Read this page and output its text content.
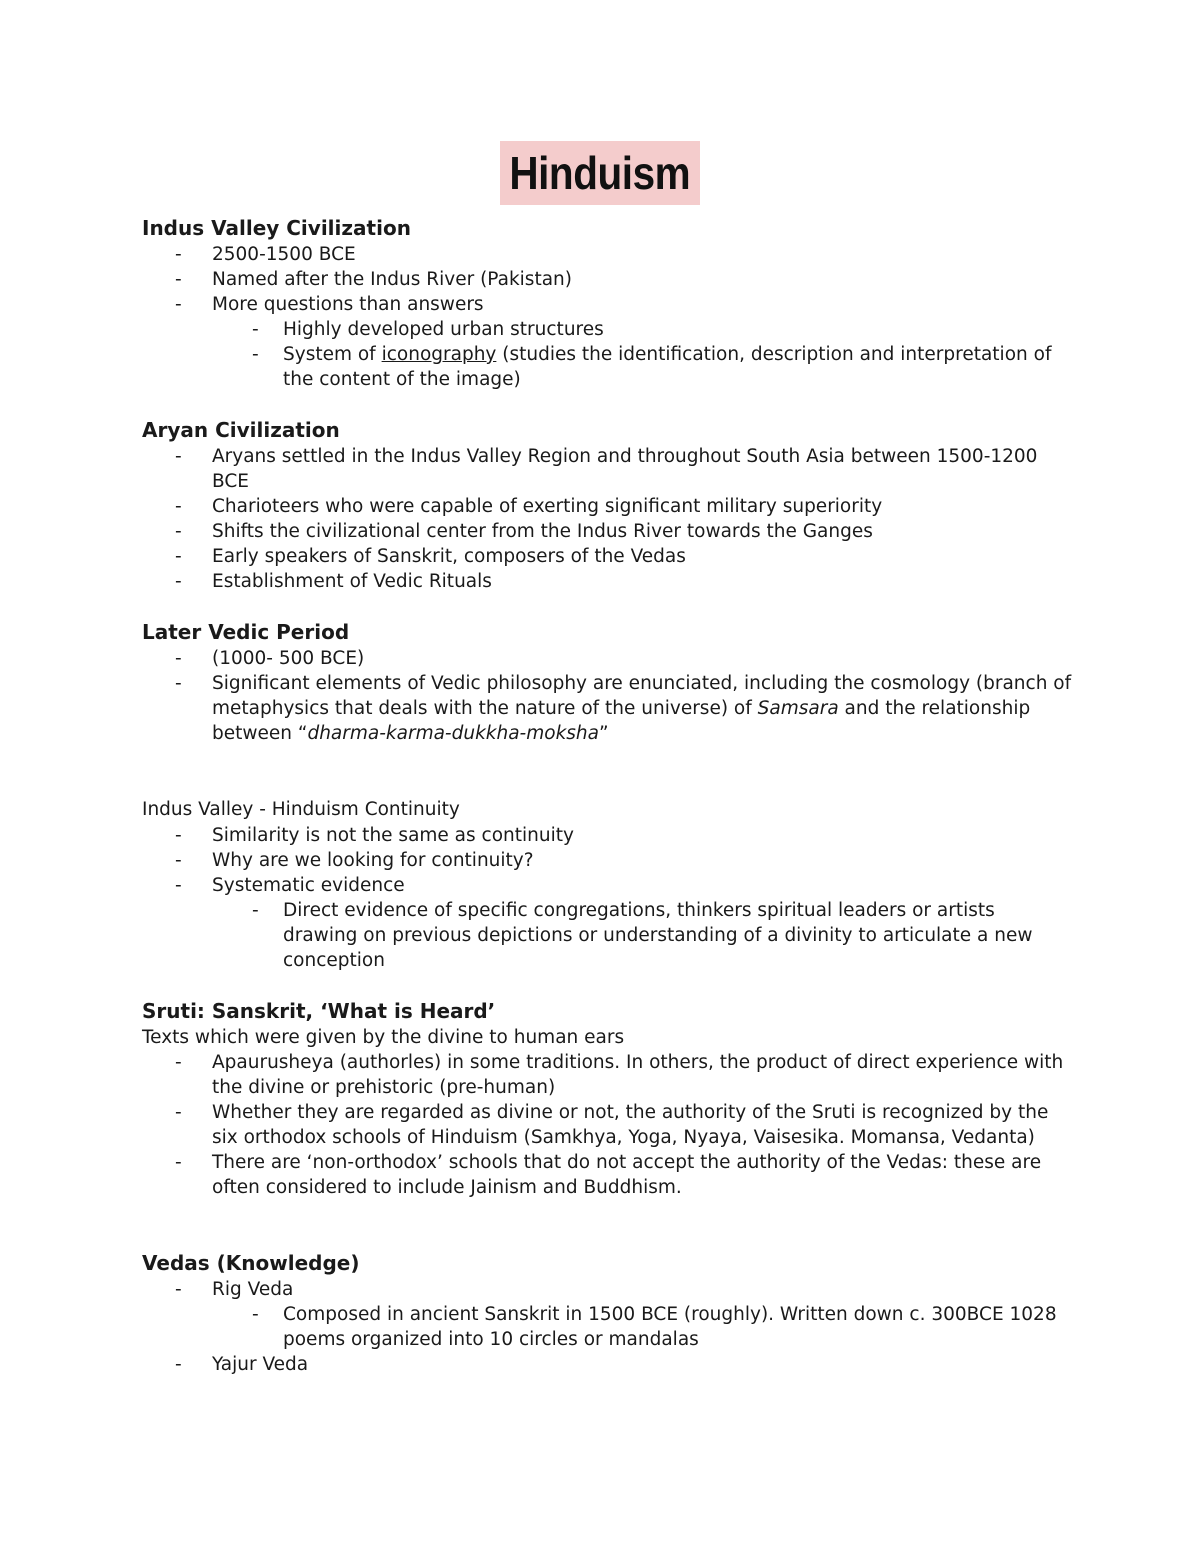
Hinduism
Indus Valley Civilization
- 2500-1500 BCE
- Named after the Indus River (Pakistan)
- More questions than answers
- Highly developed urban structures
- System of iconography (studies the identification, description and interpretation of the content of the image)
Aryan Civilization
- Aryans settled in the Indus Valley Region and throughout South Asia between 1500-1200 BCE
- Charioteers who were capable of exerting significant military superiority
- Shifts the civilizational center from the Indus River towards the Ganges
- Early speakers of Sanskrit, composers of the Vedas
- Establishment of Vedic Rituals
Later Vedic Period
- (1000- 500 BCE)
- Significant elements of Vedic philosophy are enunciated, including the cosmology (branch of metaphysics that deals with the nature of the universe) of Samsara and the relationship between “dharma-karma-dukkha-moksha”
Indus Valley - Hinduism Continuity
- Similarity is not the same as continuity
- Why are we looking for continuity?
- Systematic evidence
- Direct evidence of specific congregations, thinkers spiritual leaders or artists drawing on previous depictions or understanding of a divinity to articulate a new conception
Sruti: Sanskrit, ‘What is Heard’
Texts which were given by the divine to human ears
- Apaurusheya (authorles) in some traditions. In others, the product of direct experience with the divine or prehistoric (pre-human)
- Whether they are regarded as divine or not, the authority of the Sruti is recognized by the six orthodox schools of Hinduism (Samkhya, Yoga, Nyaya, Vaisesika. Momansa, Vedanta)
- There are ‘non-orthodox’ schools that do not accept the authority of the Vedas: these are often considered to include Jainism and Buddhism.
Vedas (Knowledge)
- Rig Veda
- Composed in ancient Sanskrit in 1500 BCE (roughly). Written down c. 300BCE 1028 poems organized into 10 circles or mandalas
- Yajur Veda
